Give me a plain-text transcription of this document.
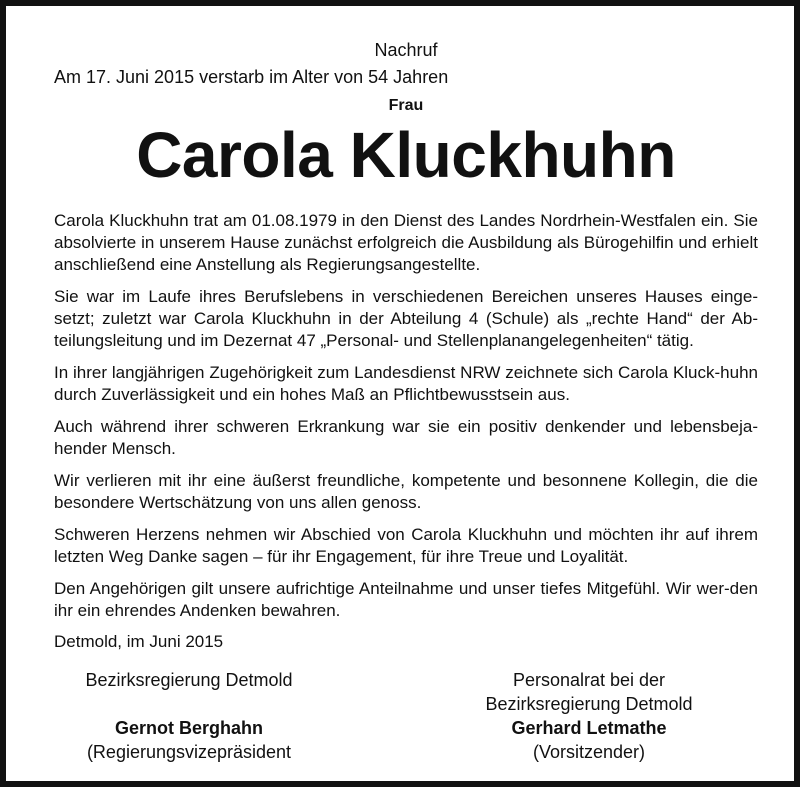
Nachruf
Am 17. Juni 2015 verstarb im Alter von 54 Jahren
Frau
Carola Kluckhuhn

Carola Kluckhuhn trat am 01.08.1979 in den Dienst des Landes Nordrhein-Westfalen ein. Sie absolvierte in unserem Hause zunächst erfolgreich die Ausbildung als Bürogehilfin und erhielt anschließend eine Anstellung als Regierungsangestellte.

Sie war im Laufe ihres Berufslebens in verschiedenen Bereichen unseres Hauses einge-setzt; zuletzt war Carola Kluckhuhn in der Abteilung 4 (Schule) als „rechte Hand“ der Ab-teilungsleitung und im Dezernat 47 „Personal- und Stellenplanangelegenheiten“ tätig.

In ihrer langjährigen Zugehörigkeit zum Landesdienst NRW zeichnete sich Carola Kluck-huhn durch Zuverlässigkeit und ein hohes Maß an Pflichtbewusstsein aus.

Auch während ihrer schweren Erkrankung war sie ein positiv denkender und lebensbeja-hender Mensch.

Wir verlieren mit ihr eine äußerst freundliche, kompetente und besonnene Kollegin, die die besondere Wertschätzung von uns allen genoss.

Schweren Herzens nehmen wir Abschied von Carola Kluckhuhn und möchten ihr auf ihrem letzten Weg Danke sagen – für ihr Engagement, für ihre Treue und Loyalität.

Den Angehörigen gilt unsere aufrichtige Anteilnahme und unser tiefes Mitgefühl. Wir wer-den ihr ein ehrendes Andenken bewahren.

Detmold, im Juni 2015
Bezirksregierung Detmold

Gernot Berghahn
(Regierungsvizepräsident
Personalrat bei der
Bezirksregierung Detmold
Gerhard Letmathe
(Vorsitzender)
